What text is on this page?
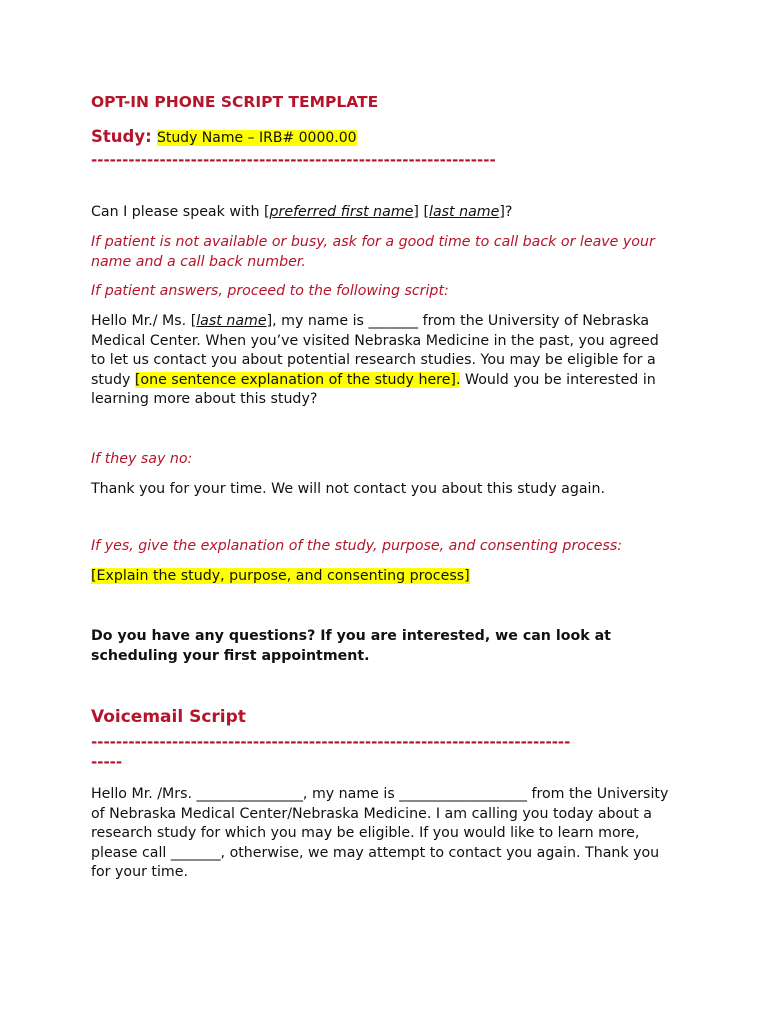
OPT-IN PHONE SCRIPT TEMPLATE
Study: Study Name – IRB# 0000.00
-----------------------------------------------------------------

Can I please speak with [preferred first name] [last name]?

If patient is not available or busy, ask for a good time to call back or leave your name and a call back number.

If patient answers, proceed to the following script:

Hello Mr./ Ms. [last name], my name is _______ from the University of Nebraska Medical Center. When you’ve visited Nebraska Medicine in the past, you agreed to let us contact you about potential research studies. You may be eligible for a study [one sentence explanation of the study here]. Would you be interested in learning more about this study?

If they say no:

Thank you for your time. We will not contact you about this study again.

If yes, give the explanation of the study, purpose, and consenting process:

[Explain the study, purpose, and consenting process]

Do you have any questions? If you are interested, we can look at scheduling your first appointment.

Voicemail Script
-----------------------------------------------------------------------------
-----

Hello Mr. /Mrs. _______________, my name is __________________ from the University of Nebraska Medical Center/Nebraska Medicine. I am calling you today about a research study for which you may be eligible. If you would like to learn more, please call _______, otherwise, we may attempt to contact you again. Thank you for your time.
